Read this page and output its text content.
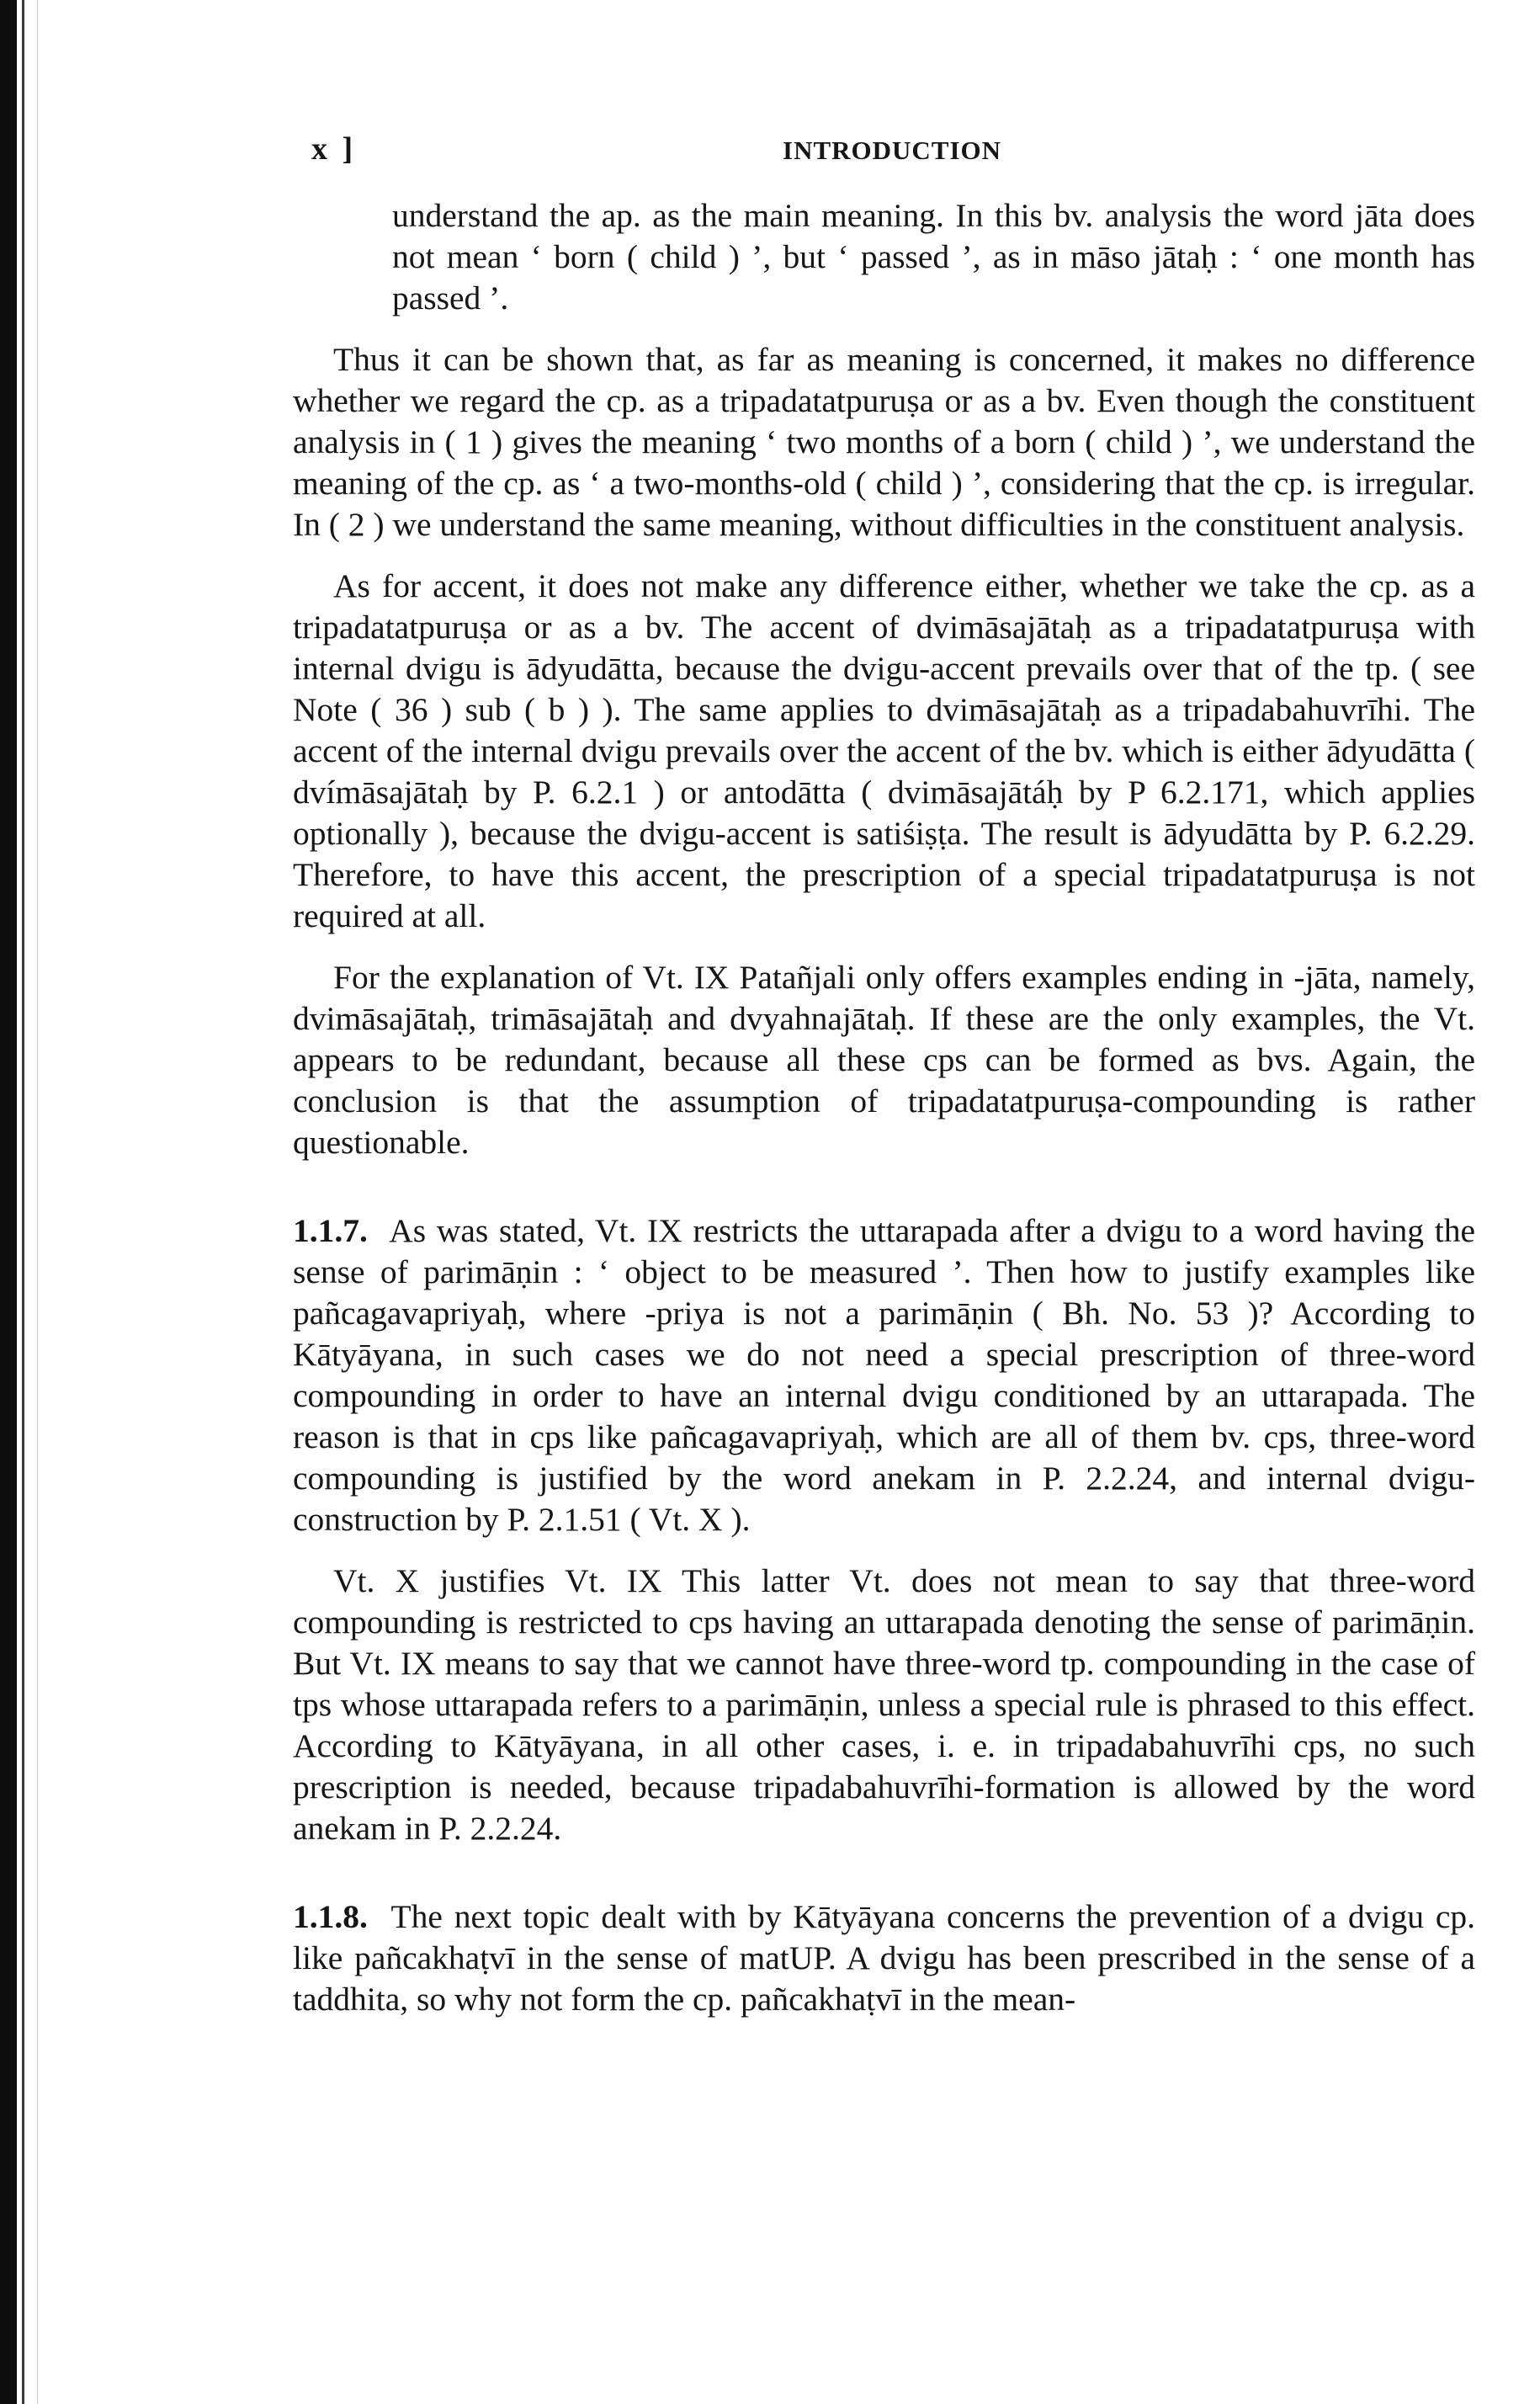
x ]	INTRODUCTION

understand the ap. as the main meaning. In this bv. analysis the word jāta does not mean ‘ born ( child ) ’, but ‘ passed ’, as in māso jātaḥ : ‘ one month has passed ’.

Thus it can be shown that, as far as meaning is concerned, it makes no difference whether we regard the cp. as a tripadatatpuruṣa or as a bv. Even though the constituent analysis in ( 1 ) gives the meaning ‘ two months of a born ( child ) ’, we understand the meaning of the cp. as ‘ a two-months-old ( child ) ’, considering that the cp. is irregular. In ( 2 ) we understand the same meaning, without difficulties in the constituent analysis.

As for accent, it does not make any difference either, whether we take the cp. as a tripadatatpuruṣa or as a bv. The accent of dvimāsajātaḥ as a tripadatatpuruṣa with internal dvigu is ādyudātta, because the dvigu-accent prevails over that of the tp. ( see Note ( 36 ) sub ( b ) ). The same applies to dvimāsajātaḥ as a tripadabahuvrīhi. The accent of the internal dvigu prevails over the accent of the bv. which is either ādyudātta ( dvímāsajātaḥ by P. 6.2.1 ) or antodātta ( dvimāsajātáḥ by P 6.2.171, which applies optionally ), because the dvigu-accent is satiśiṣṭa. The result is ādyudātta by P. 6.2.29. Therefore, to have this accent, the prescription of a special tripadatatpuruṣa is not required at all.

For the explanation of Vt. IX Patañjali only offers examples ending in -jāta, namely, dvimāsajātaḥ, trimāsajātaḥ and dvyahnajātaḥ. If these are the only examples, the Vt. appears to be redundant, because all these cps can be formed as bvs. Again, the conclusion is that the assumption of tripadatatpuruṣa-compounding is rather questionable.

1.1.7. As was stated, Vt. IX restricts the uttarapada after a dvigu to a word having the sense of parimāṇin : ‘ object to be measured ’. Then how to justify examples like pañcagavapriyaḥ, where -priya is not a parimāṇin ( Bh. No. 53 )? According to Kātyāyana, in such cases we do not need a special prescription of three-word compounding in order to have an internal dvigu conditioned by an uttarapada. The reason is that in cps like pañcagavapriyaḥ, which are all of them bv. cps, three-word compounding is justified by the word anekam in P. 2.2.24, and internal dvigu-construction by P. 2.1.51 ( Vt. X ).

Vt. X justifies Vt. IX This latter Vt. does not mean to say that three-word compounding is restricted to cps having an uttarapada denoting the sense of parimāṇin. But Vt. IX means to say that we cannot have three-word tp. compounding in the case of tps whose uttarapada refers to a parimāṇin, unless a special rule is phrased to this effect. According to Kātyāyana, in all other cases, i. e. in tripadabahuvrīhi cps, no such prescription is needed, because tripadabahuvrīhi-formation is allowed by the word anekam in P. 2.2.24.

1.1.8. The next topic dealt with by Kātyāyana concerns the prevention of a dvigu cp. like pañcakhaṭvī in the sense of matUP. A dvigu has been prescribed in the sense of a taddhita, so why not form the cp. pañcakhaṭvī in the mean-
